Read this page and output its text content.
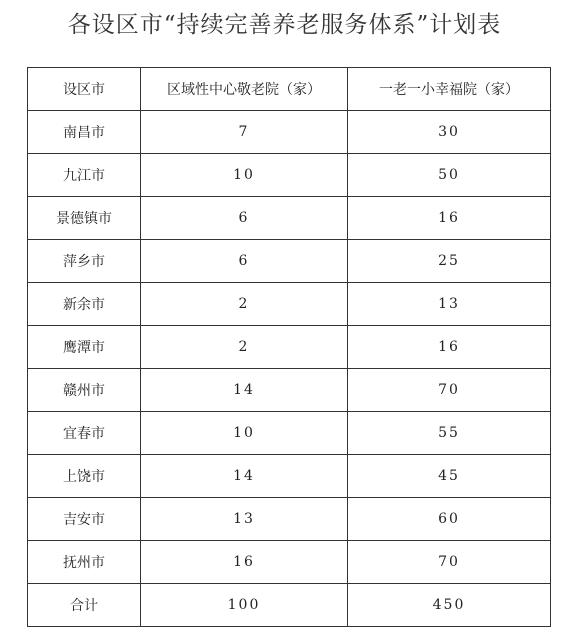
各设区市“持续完善养老服务体系”计划表
设区市	区域性中心敬老院（家）	一老一小幸福院（家）
南昌市	7	30
九江市	10	50
景德镇市	6	16
萍乡市	6	25
新余市	2	13
鹰潭市	2	16
赣州市	14	70
宜春市	10	55
上饶市	14	45
吉安市	13	60
抚州市	16	70
合计	100	450
